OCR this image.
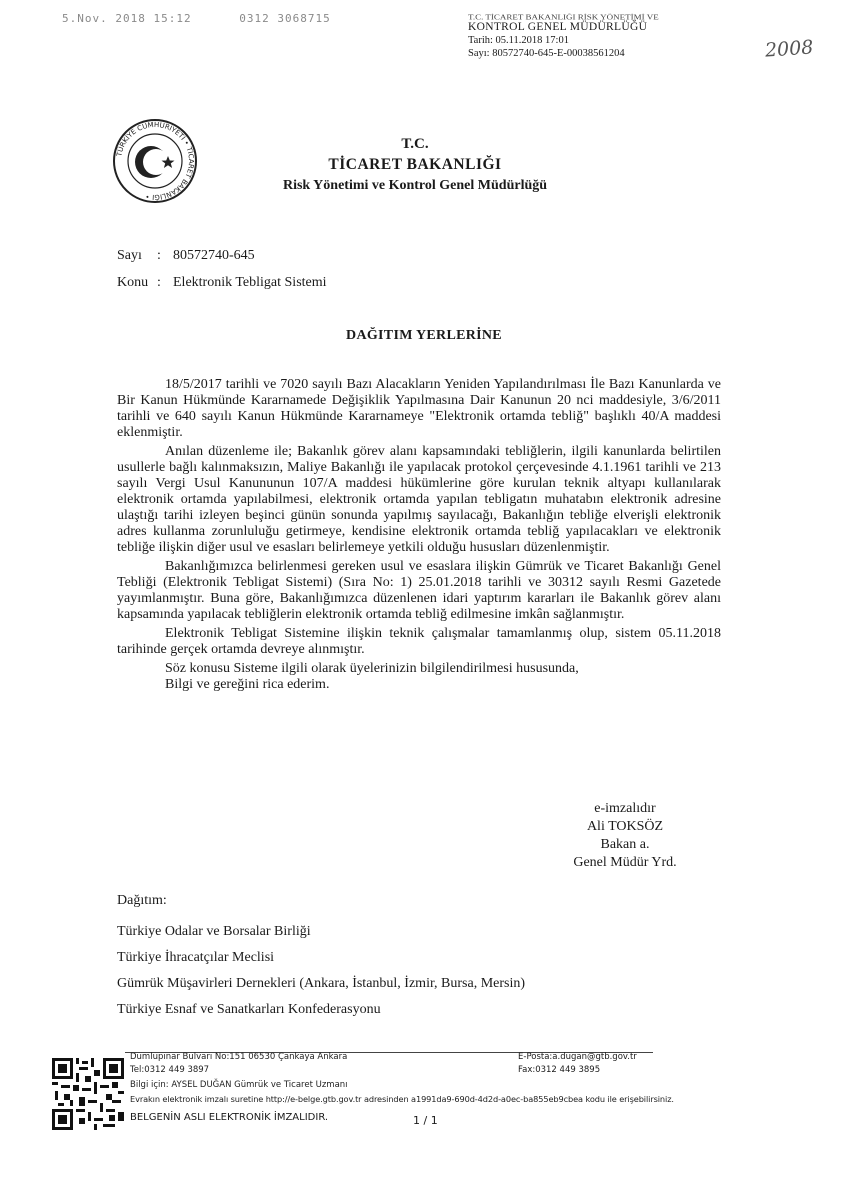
5.Nov. 2018 15:12	0312 3068715	T.C. TİCARET BAKANLIĞI RİSK YÖNETİMİ VE
KONTROL GENEL MÜDÜRLÜĞÜ
Tarih: 05.11.2018 17:01
Sayı: 80572740-645-E-00038561204	2008
TÜRKİYE CUMHURİYETİ • TİCARET BAKANLIĞI •
T.C.
TİCARET BAKANLIĞI
Risk Yönetimi ve Kontrol Genel Müdürlüğü
Sayı : 80572740-645
Konu : Elektronik Tebligat Sistemi
DAĞITIM YERLERİNE

18/5/2017 tarihli ve 7020 sayılı Bazı Alacakların Yeniden Yapılandırılması İle Bazı Kanunlarda ve Bir Kanun Hükmünde Kararnamede Değişiklik Yapılmasına Dair Kanunun 20 nci maddesiyle, 3/6/2011 tarihli ve 640 sayılı Kanun Hükmünde Kararnameye "Elektronik ortamda tebliğ" başlıklı 40/A maddesi eklenmiştir.

Anılan düzenleme ile; Bakanlık görev alanı kapsamındaki tebliğlerin, ilgili kanunlarda belirtilen usullerle bağlı kalınmaksızın, Maliye Bakanlığı ile yapılacak protokol çerçevesinde 4.1.1961 tarihli ve 213 sayılı Vergi Usul Kanununun 107/A maddesi hükümlerine göre kurulan teknik altyapı kullanılarak elektronik ortamda yapılabilmesi, elektronik ortamda yapılan tebligatın muhatabın elektronik adresine ulaştığı tarihi izleyen beşinci günün sonunda yapılmış sayılacağı, Bakanlığın tebliğe elverişli elektronik adres kullanma zorunluluğu getirmeye, kendisine elektronik ortamda tebliğ yapılacakları ve elektronik tebliğe ilişkin diğer usul ve esasları belirlemeye yetkili olduğu hususları düzenlenmiştir.

Bakanlığımızca belirlenmesi gereken usul ve esaslara ilişkin Gümrük ve Ticaret Bakanlığı Genel Tebliği (Elektronik Tebligat Sistemi) (Sıra No: 1) 25.01.2018 tarihli ve 30312 sayılı Resmi Gazetede yayımlanmıştır. Buna göre, Bakanlığımızca düzenlenen idari yaptırım kararları ile Bakanlık görev alanı kapsamında yapılacak tebliğlerin elektronik ortamda tebliğ edilmesine imkân sağlanmıştır.

Elektronik Tebligat Sistemine ilişkin teknik çalışmalar tamamlanmış olup, sistem 05.11.2018 tarihinde gerçek ortamda devreye alınmıştır.

Söz konusu Sisteme ilgili olarak üyelerinizin bilgilendirilmesi hususunda,
Bilgi ve gereğini rica ederim.
e-imzalıdır
Ali TOKSÖZ
Bakan a.
Genel Müdür Yrd.
Dağıtım:
Türkiye Odalar ve Borsalar Birliği
Türkiye İhracatçılar Meclisi
Gümrük Müşavirleri Dernekleri (Ankara, İstanbul, İzmir, Bursa, Mersin)
Türkiye Esnaf ve Sanatkarları Konfederasyonu
Dumlupınar Bulvarı No:151 06530 Çankaya Ankara	E-Posta:a.dugan@gtb.gov.tr
Tel:0312 449 3897	Fax:0312 449 3895
Bilgi için: AYSEL DUĞAN Gümrük ve Ticaret Uzmanı
Evrakın elektronik imzalı suretine http://e-belge.gtb.gov.tr adresinden a1991da9-690d-4d2d-a0ec-ba855eb9cbea kodu ile erişebilirsiniz.
BELGENİN ASLI ELEKTRONİK İMZALIDIR.	1 / 1
